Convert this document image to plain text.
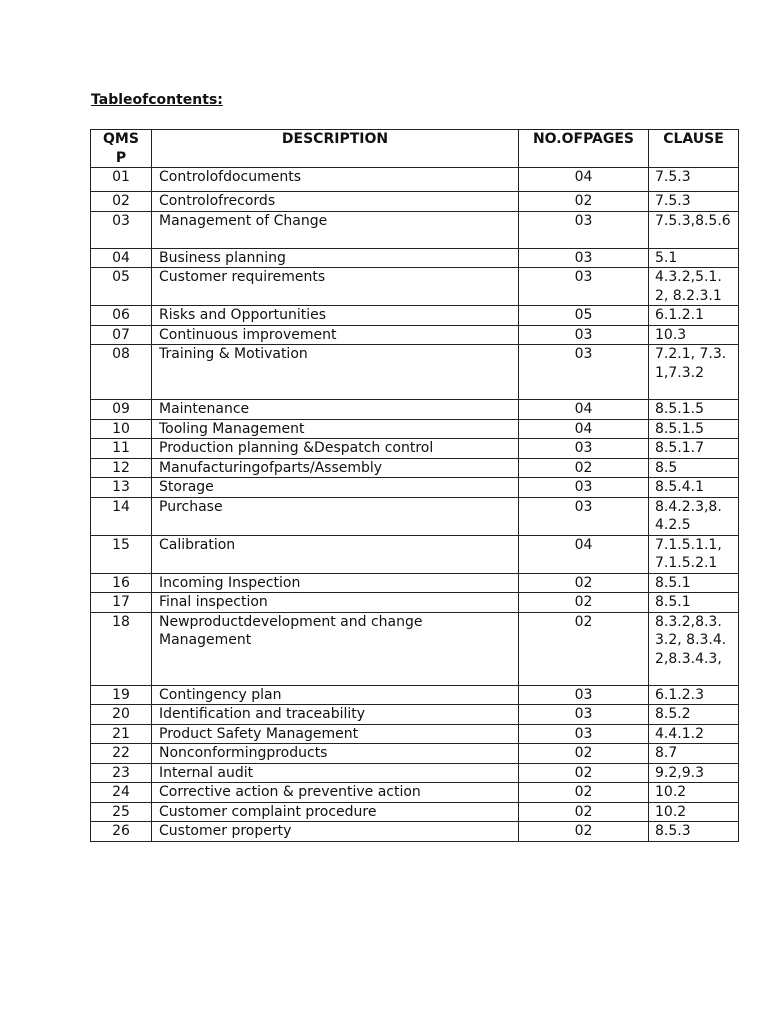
Tableofcontents:
QMS P	DESCRIPTION	NO.OFPAGES	CLAUSE
01	Controlofdocuments	04	7.5.3
02	Controlofrecords	02	7.5.3
03	Management of Change	03	7.5.3,8.5.6
04	Business planning	03	5.1
05	Customer requirements	03	4.3.2,5.1.2, 8.2.3.1
06	Risks and Opportunities	05	6.1.2.1
07	Continuous improvement	03	10.3
08	Training & Motivation	03	7.2.1, 7.3.1,7.3.2
09	Maintenance	04	8.5.1.5
10	Tooling Management	04	8.5.1.5
11	Production planning &Despatch control	03	8.5.1.7
12	Manufacturingofparts/Assembly	02	8.5
13	Storage	03	8.5.4.1
14	Purchase	03	8.4.2.3,8.4.2.5
15	Calibration	04	7.1.5.1.1, 7.1.5.2.1
16	Incoming Inspection	02	8.5.1
17	Final inspection	02	8.5.1
18	Newproductdevelopment and change Management	02	8.3.2,8.3.3.2, 8.3.4.2,8.3.4.3,
19	Contingency plan	03	6.1.2.3
20	Identification and traceability	03	8.5.2
21	Product Safety Management	03	4.4.1.2
22	Nonconformingproducts	02	8.7
23	Internal audit	02	9.2,9.3
24	Corrective action & preventive action	02	10.2
25	Customer complaint procedure	02	10.2
26	Customer property	02	8.5.3
